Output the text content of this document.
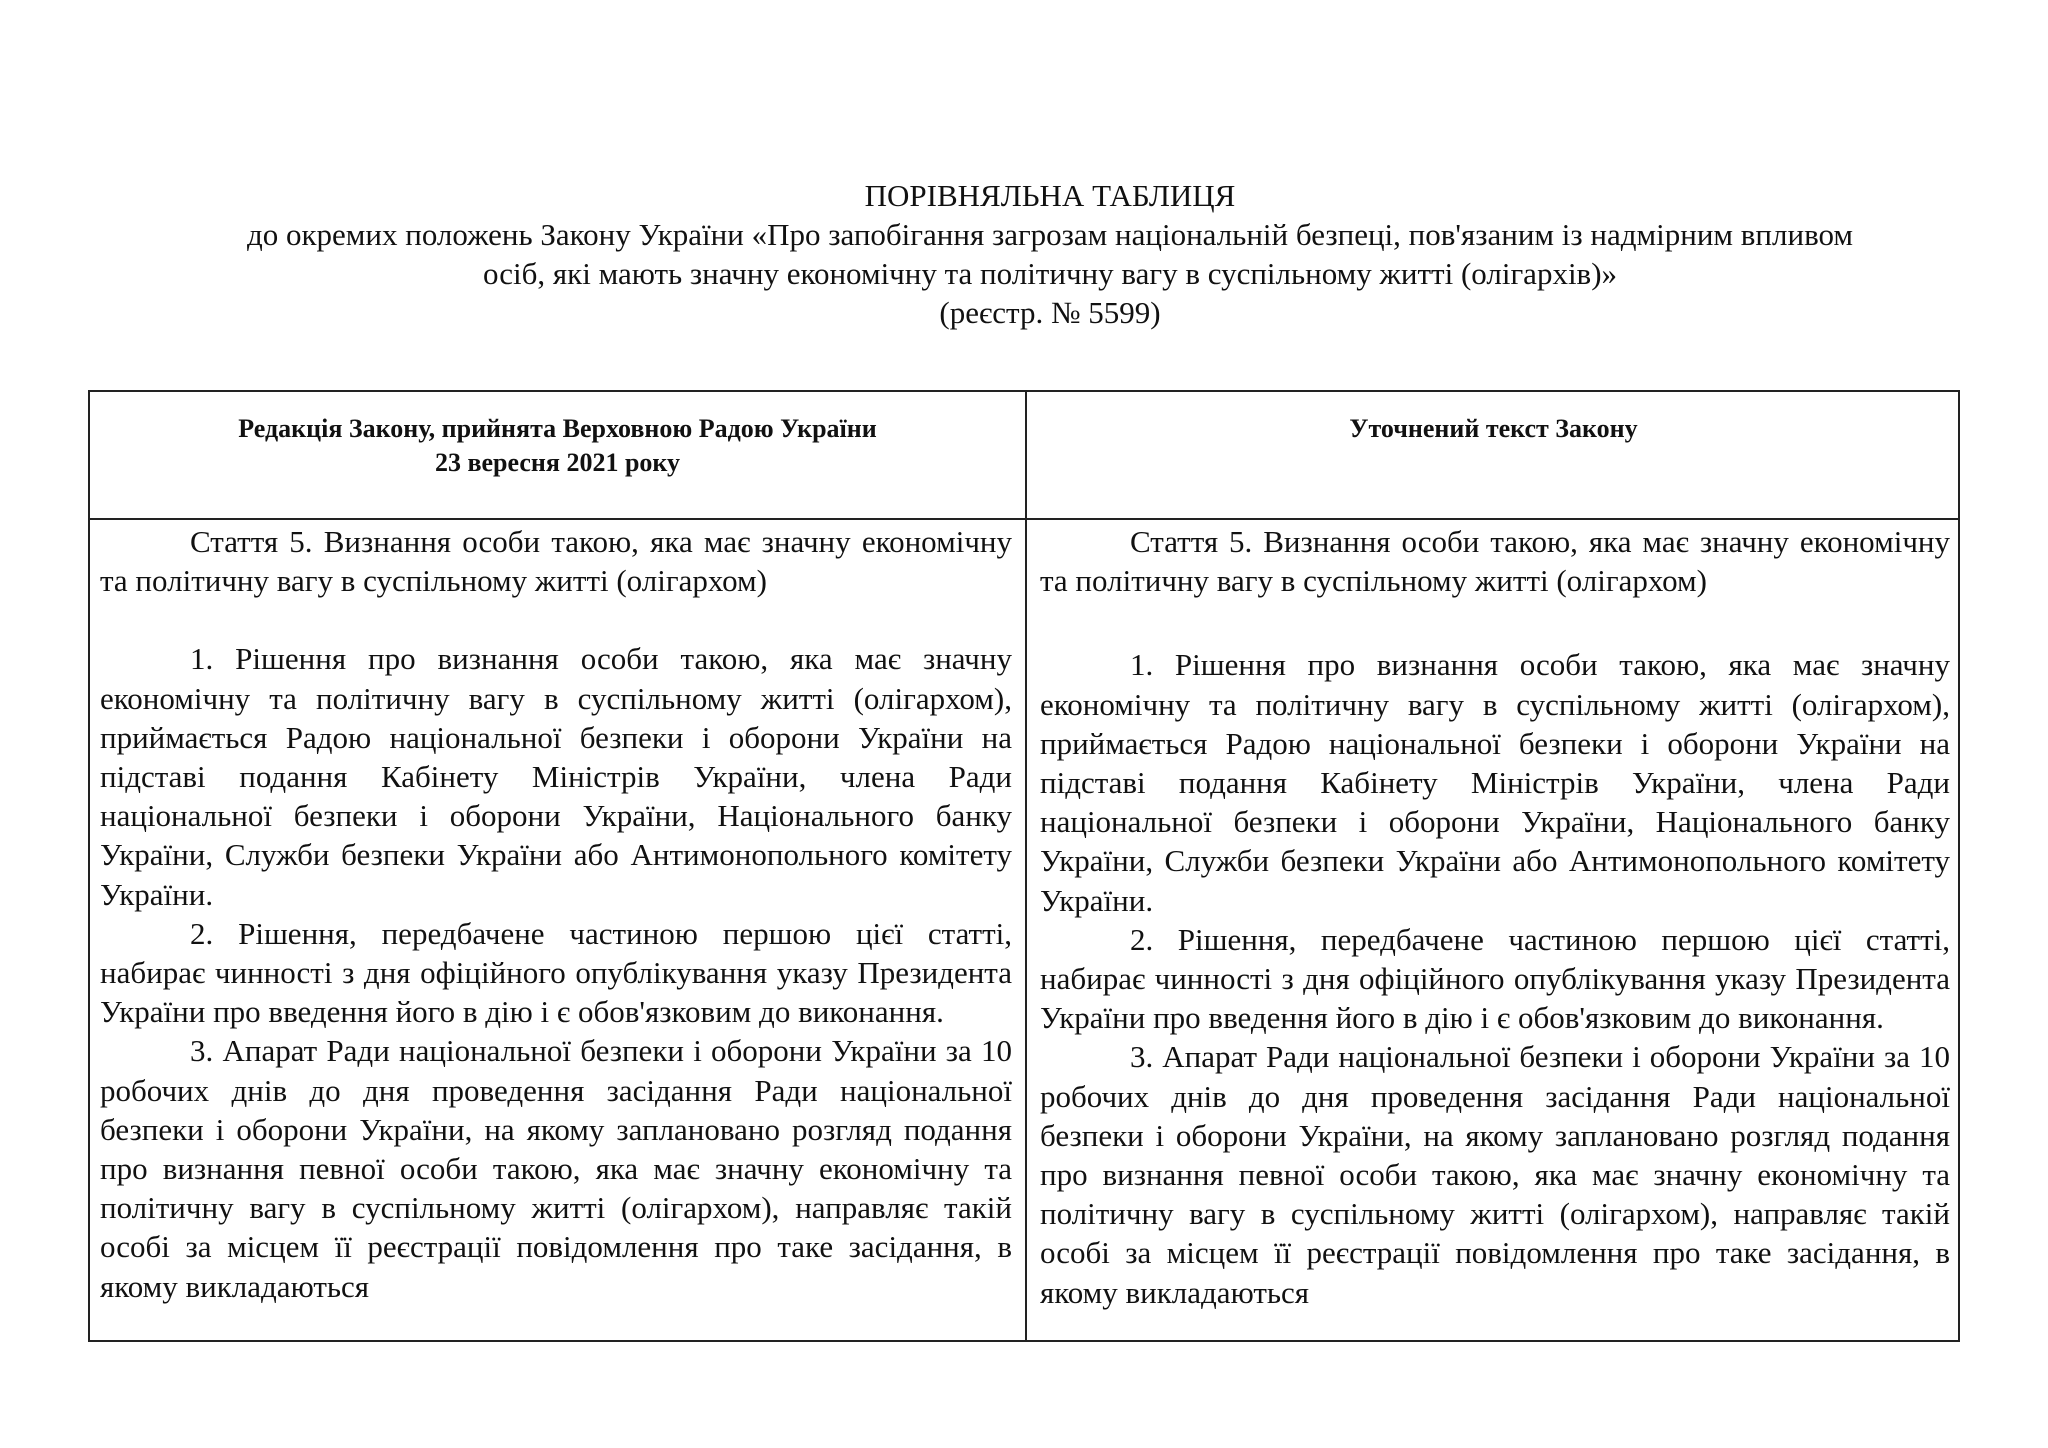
ПОРІВНЯЛЬНА ТАБЛИЦЯ
до окремих положень Закону України «Про запобігання загрозам національній безпеці, пов'язаним із надмірним впливом
осіб, які мають значну економічну та політичну вагу в суспільному житті (олігархів)»
(реєстр. № 5599)
Редакція Закону, прийнята Верховною Радою України
23 вересня 2021 року
Уточнений текст Закону

Стаття 5. Визнання особи такою, яка має значну економічну та політичну вагу в суспільному житті (олігархом)

1. Рішення про визнання особи такою, яка має значну економічну та політичну вагу в суспільному житті (олігархом), приймається Радою національної безпеки і оборони України на підставі подання Кабінету Міністрів України, члена Ради національної безпеки і оборони України, Національного банку України, Служби безпеки України або Антимонопольного комітету України.

2. Рішення, передбачене частиною першою цієї статті, набирає чинності з дня офіційного опублікування указу Президента України про введення його в дію і є обов'язковим до виконання.

3. Апарат Ради національної безпеки і оборони України за 10 робочих днів до дня проведення засідання Ради національної безпеки і оборони України, на якому заплановано розгляд подання про визнання певної особи такою, яка має значну економічну та політичну вагу в суспільному житті (олігархом), направляє такій особі за місцем її реєстрації повідомлення про таке засідання, в якому викладаються

Стаття 5. Визнання особи такою, яка має значну економічну та політичну вагу в суспільному житті (олігархом)

1. Рішення про визнання особи такою, яка має значну економічну та політичну вагу в суспільному житті (олігархом), приймається Радою національної безпеки і оборони України на підставі подання Кабінету Міністрів України, члена Ради національної безпеки і оборони України, Національного банку України, Служби безпеки України або Антимонопольного комітету України.

2. Рішення, передбачене частиною першою цієї статті, набирає чинності з дня офіційного опублікування указу Президента України про введення його в дію і є обов'язковим до виконання.

3. Апарат Ради національної безпеки і оборони України за 10 робочих днів до дня проведення засідання Ради національної безпеки і оборони України, на якому заплановано розгляд подання про визнання певної особи такою, яка має значну економічну та політичну вагу в суспільному житті (олігархом), направляє такій особі за місцем її реєстрації повідомлення про таке засідання, в якому викладаються
